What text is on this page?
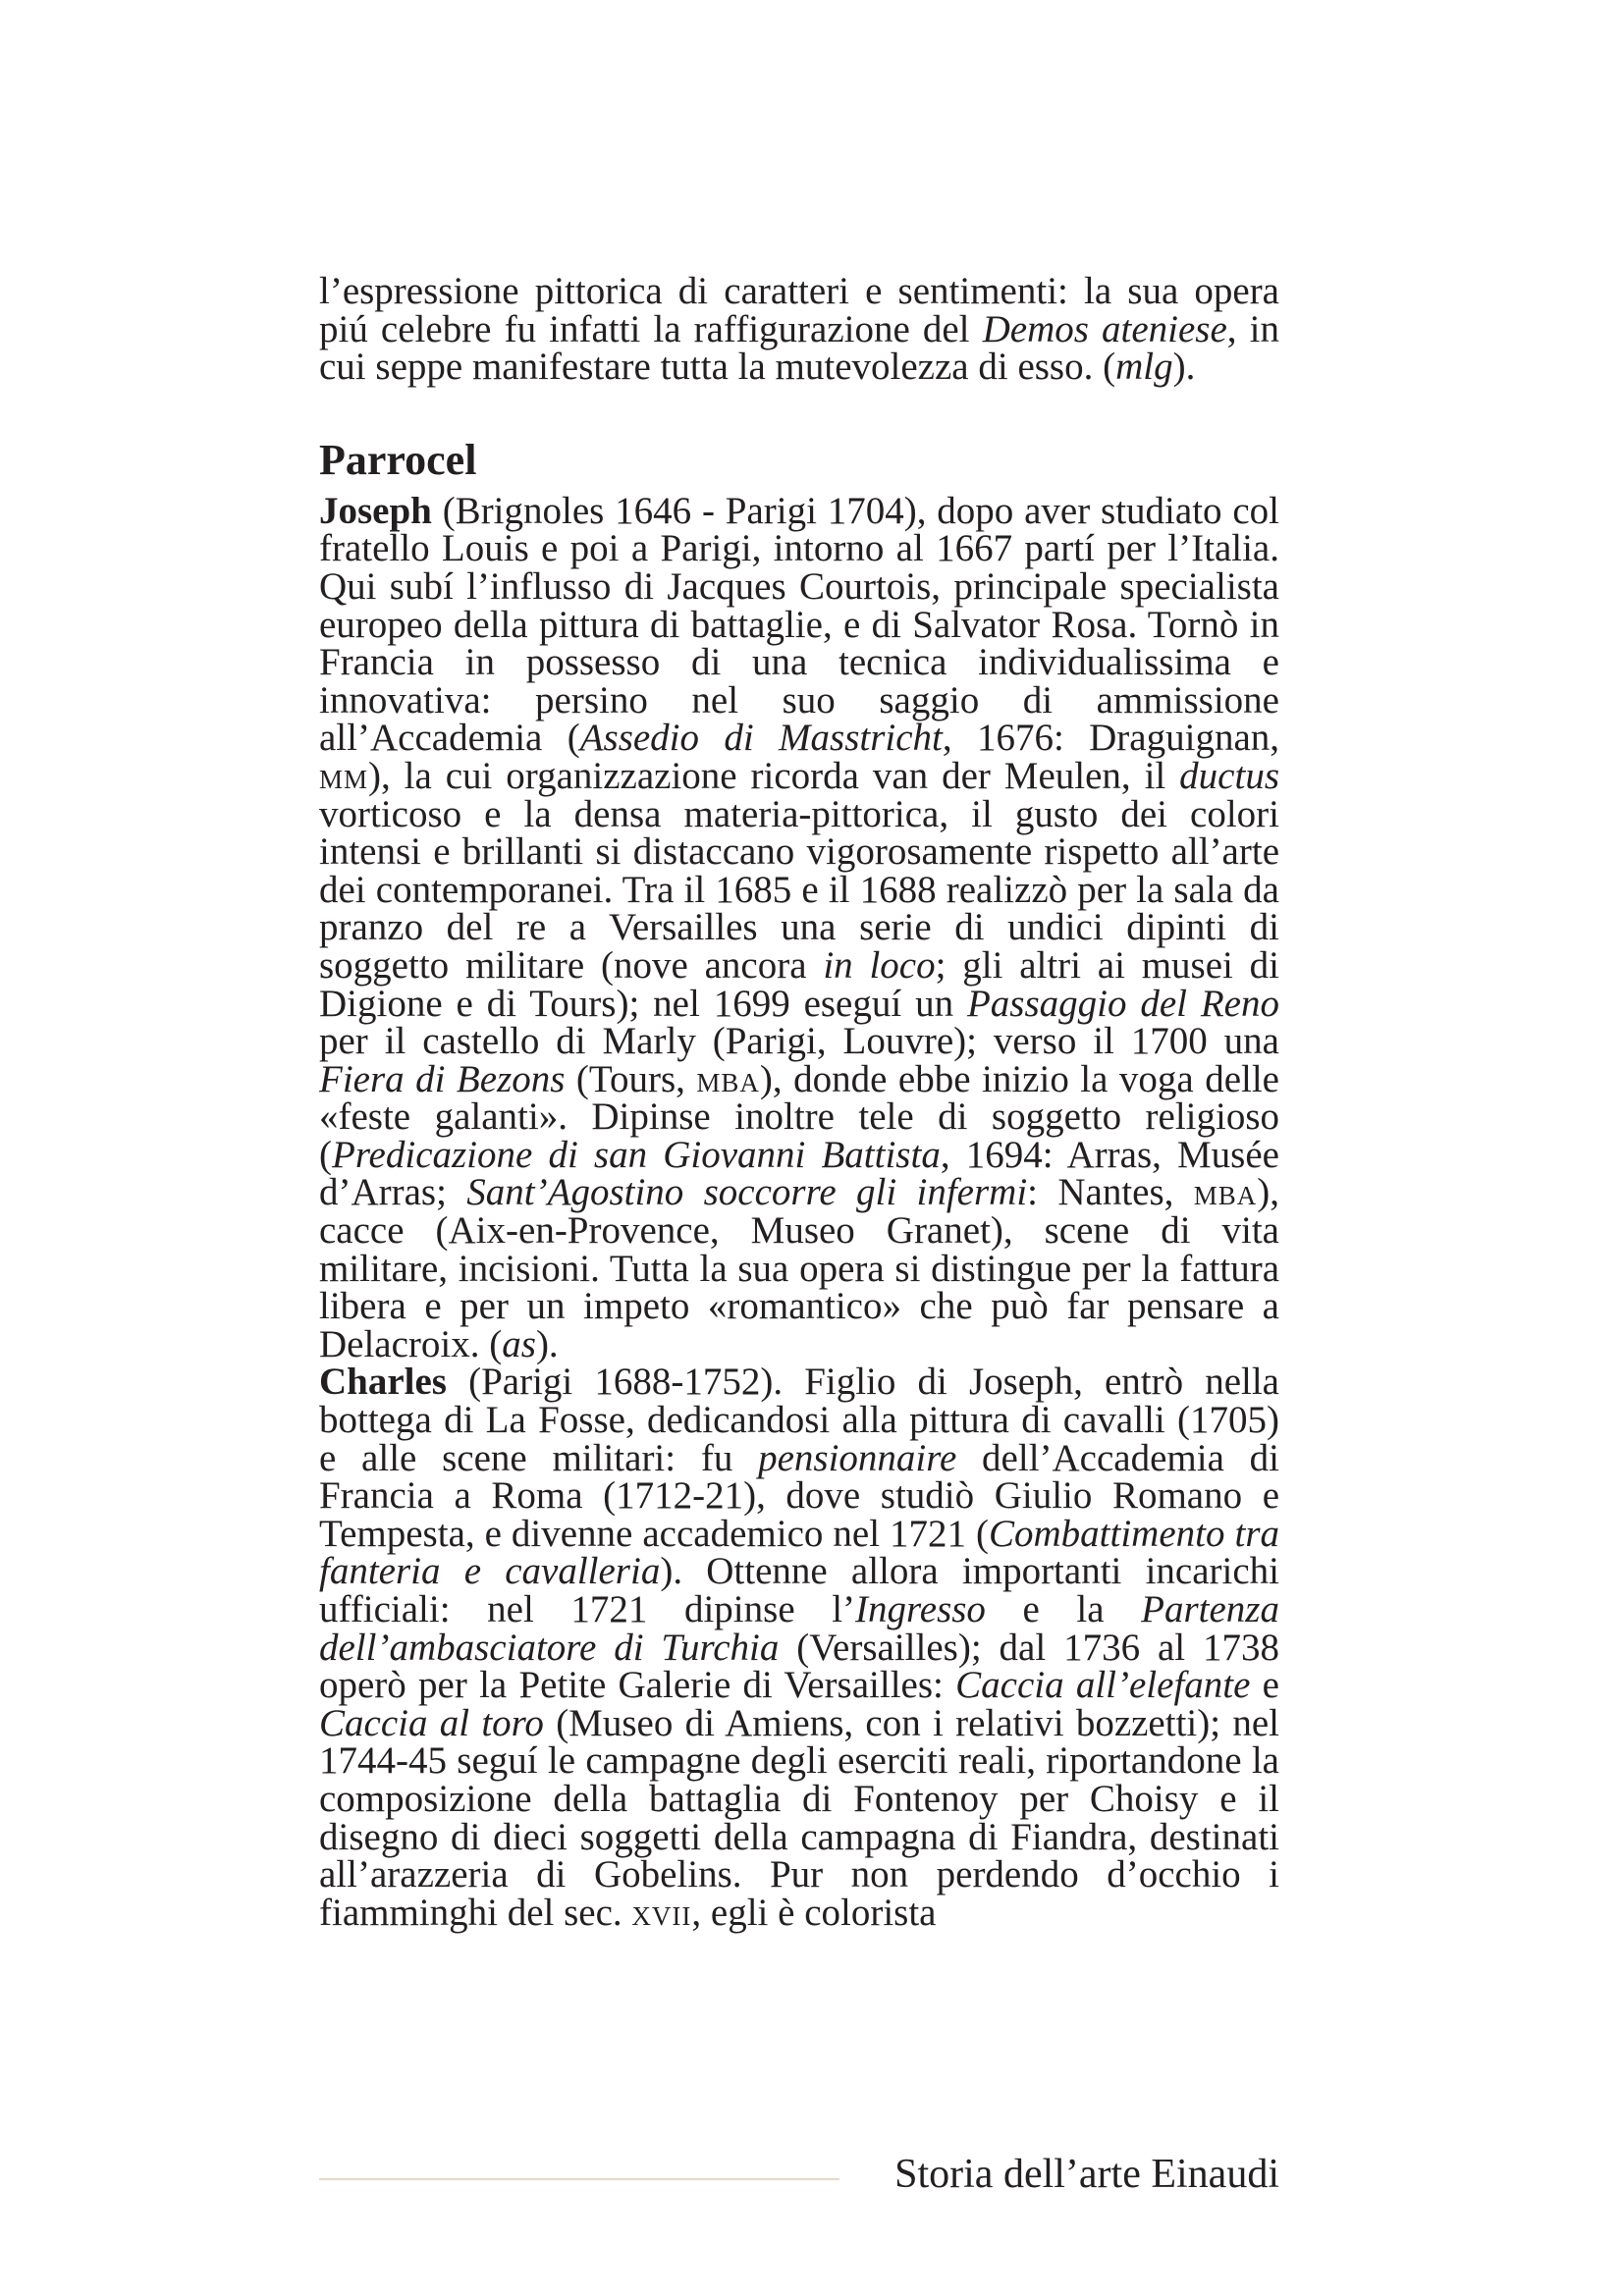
l’espressione pittorica di caratteri e sentimenti: la sua opera piú celebre fu infatti la raffigurazione del Demos ateniese, in cui seppe manifestare tutta la mutevolezza di esso. (mlg).

Parrocel

Joseph (Brignoles 1646 - Parigi 1704), dopo aver studiato col fratello Louis e poi a Parigi, intorno al 1667 partí per l’Italia. Qui subí l’influsso di Jacques Courtois, principale specialista europeo della pittura di battaglie, e di Salvator Rosa. Tornò in Francia in possesso di una tecnica individualissima e innovativa: persino nel suo saggio di ammissione all’Accademia (Assedio di Masstricht, 1676: Draguignan, mm), la cui organizzazione ricorda van der Meulen, il ductus vorticoso e la densa materia-pittorica, il gusto dei colori intensi e brillanti si distaccano vigorosamente rispetto all’arte dei contemporanei. Tra il 1685 e il 1688 realizzò per la sala da pranzo del re a Versailles una serie di undici dipinti di soggetto militare (nove ancora in loco; gli altri ai musei di Digione e di Tours); nel 1699 eseguí un Passaggio del Reno per il castello di Marly (Parigi, Louvre); verso il 1700 una Fiera di Bezons (Tours, mba), donde ebbe inizio la voga delle «feste galanti». Dipinse inoltre tele di soggetto religioso (Predicazione di san Giovanni Battista, 1694: Arras, Musée d’Arras; Sant’Agostino soccorre gli infermi: Nantes, mba), cacce (Aix-en-Provence, Museo Granet), scene di vita militare, incisioni. Tutta la sua opera si distingue per la fattura libera e per un impeto «romantico» che può far pensare a Delacroix. (as).

Charles (Parigi 1688-1752). Figlio di Joseph, entrò nella bottega di La Fosse, dedicandosi alla pittura di cavalli (1705) e alle scene militari: fu pensionnaire dell’Accademia di Francia a Roma (1712-21), dove studiò Giulio Romano e Tempesta, e divenne accademico nel 1721 (Combattimento tra fanteria e cavalleria). Ottenne allora importanti incarichi ufficiali: nel 1721 dipinse l’Ingresso e la Partenza dell’ambasciatore di Turchia (Versailles); dal 1736 al 1738 operò per la Petite Galerie di Versailles: Caccia all’elefante e Caccia al toro (Museo di Amiens, con i relativi bozzetti); nel 1744-45 seguí le campagne degli eserciti reali, riportandone la composizione della battaglia di Fontenoy per Choisy e il disegno di dieci soggetti della campagna di Fiandra, destinati all’arazzeria di Gobelins. Pur non perdendo d’occhio i fiamminghi del sec. xvii, egli è colorista

Storia dell’arte Einaudi
